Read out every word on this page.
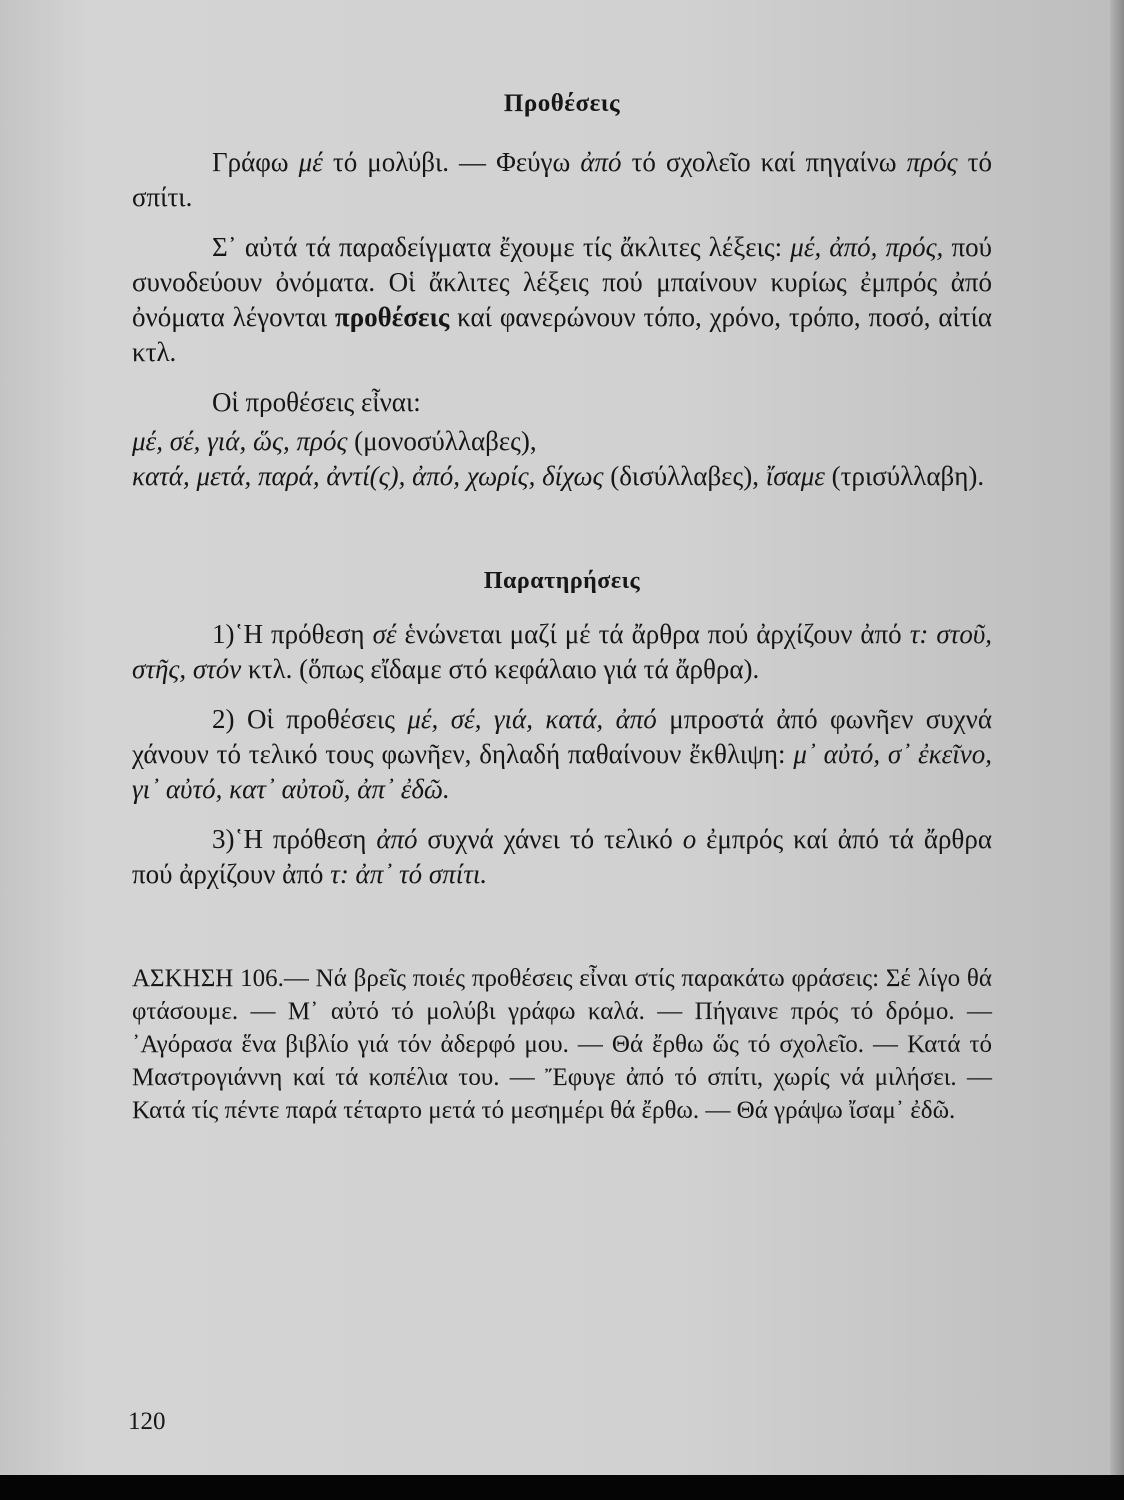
Προθέσεις

Γράφω μέ τό μολύβι. — Φεύγω ἀπό τό σχολεῖο καί πηγαίνω πρός τό σπίτι.

Σ᾽ αὐτά τά παραδείγματα ἔχουμε τίς ἄκλιτες λέξεις: μέ, ἀπό, πρός, πού συνοδεύουν ὀνόματα. Οἱ ἄκλιτες λέξεις πού μπαίνουν κυρίως ἐμπρός ἀπό ὀνόματα λέγονται προθέσεις καί φανερώνουν τόπο, χρόνο, τρόπο, ποσό, αἰτία κτλ.

Οἱ προθέσεις εἶναι:

μέ, σέ, γιά, ὥς, πρός (μονοσύλλαβες),

κατά, μετά, παρά, ἀντί(ς), ἀπό, χωρίς, δίχως (δισύλλαβες), ἴσαμε (τρισύλλαβη).

Παρατηρήσεις

1)῾Η πρόθεση σέ ἑνώνεται μαζί μέ τά ἄρθρα πού ἀρχίζουν ἀπό τ: στοῦ, στῆς, στόν κτλ. (ὅπως εἴδαμε στό κεφάλαιο γιά τά ἄρθρα).

2) Οἱ προθέσεις μέ, σέ, γιά, κατά, ἀπό μπροστά ἀπό φωνῆεν συχνά χάνουν τό τελικό τους φωνῆεν, δηλαδή παθαίνουν ἔκθλιψη: μ᾽ αὐτό, σ᾽ ἐκεῖνο, γι᾽ αὐτό, κατ᾽ αὐτοῦ, ἀπ᾽ ἐδῶ.

3)῾Η πρόθεση ἀπό συχνά χάνει τό τελικό ο ἐμπρός καί ἀπό τά ἄρθρα πού ἀρχίζουν ἀπό τ: ἀπ᾽ τό σπίτι.

ΑΣΚΗΣΗ 106.— Νά βρεῖς ποιές προθέσεις εἶναι στίς παρακάτω φράσεις: Σέ λίγο θά φτάσουμε. — Μ᾽ αὐτό τό μολύβι γράφω καλά. — Πήγαινε πρός τό δρόμο. — ᾽Αγόρασα ἕνα βιβλίο γιά τόν ἀδερφό μου. — Θά ἔρθω ὥς τό σχολεῖο. — Κατά τό Μαστρογιάννη καί τά κοπέλια του. — Ἔφυγε ἀπό τό σπίτι, χωρίς νά μιλήσει. — Κατά τίς πέντε παρά τέταρτο μετά τό μεσημέρι θά ἔρθω. — Θά γράψω ἴσαμ᾽ ἐδῶ.

120
